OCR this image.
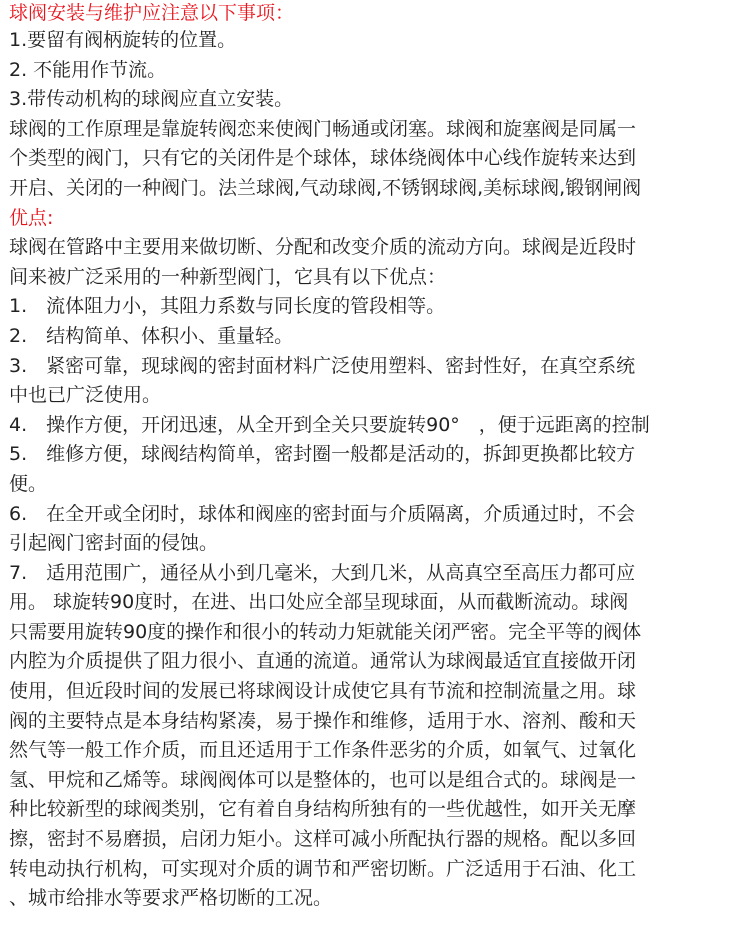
球阀安装与维护应注意以下事项：
1.要留有阀柄旋转的位置。
2. 不能用作节流。
3.带传动机构的球阀应直立安装。
球阀的工作原理是靠旋转阀恋来使阀门畅通或闭塞。球阀和旋塞阀是同属一
个类型的阀门，只有它的关闭件是个球体，球体绕阀体中心线作旋转来达到
开启、关闭的一种阀门。法兰球阀,气动球阀,不锈钢球阀,美标球阀,锻钢闸阀
优点:
球阀在管路中主要用来做切断、分配和改变介质的流动方向。球阀是近段时
间来被广泛采用的一种新型阀门，它具有以下优点：
1.　流体阻力小，其阻力系数与同长度的管段相等。
2.　结构简单、体积小、重量轻。
3.　紧密可靠，现球阀的密封面材料广泛使用塑料、密封性好，在真空系统
中也已广泛使用。
4.　操作方便，开闭迅速，从全开到全关只要旋转90°　，便于远距离的控制
5.　维修方便，球阀结构简单，密封圈一般都是活动的，拆卸更换都比较方
便。
6.　在全开或全闭时，球体和阀座的密封面与介质隔离，介质通过时，不会
引起阀门密封面的侵蚀。
7.　适用范围广，通径从小到几毫米，大到几米，从高真空至高压力都可应
用。 球旋转90度时，在进、出口处应全部呈现球面，从而截断流动。球阀
只需要用旋转90度的操作和很小的转动力矩就能关闭严密。完全平等的阀体
内腔为介质提供了阻力很小、直通的流道。通常认为球阀最适宜直接做开闭
使用，但近段时间的发展已将球阀设计成使它具有节流和控制流量之用。球
阀的主要特点是本身结构紧凑，易于操作和维修，适用于水、溶剂、酸和天
然气等一般工作介质，而且还适用于工作条件恶劣的介质，如氧气、过氧化
氢、甲烷和乙烯等。球阀阀体可以是整体的，也可以是组合式的。球阀是一
种比较新型的球阀类别，它有着自身结构所独有的一些优越性，如开关无摩
擦，密封不易磨损，启闭力矩小。这样可减小所配执行器的规格。配以多回
转电动执行机构，可实现对介质的调节和严密切断。广泛适用于石油、化工
、城市给排水等要求严格切断的工况。
